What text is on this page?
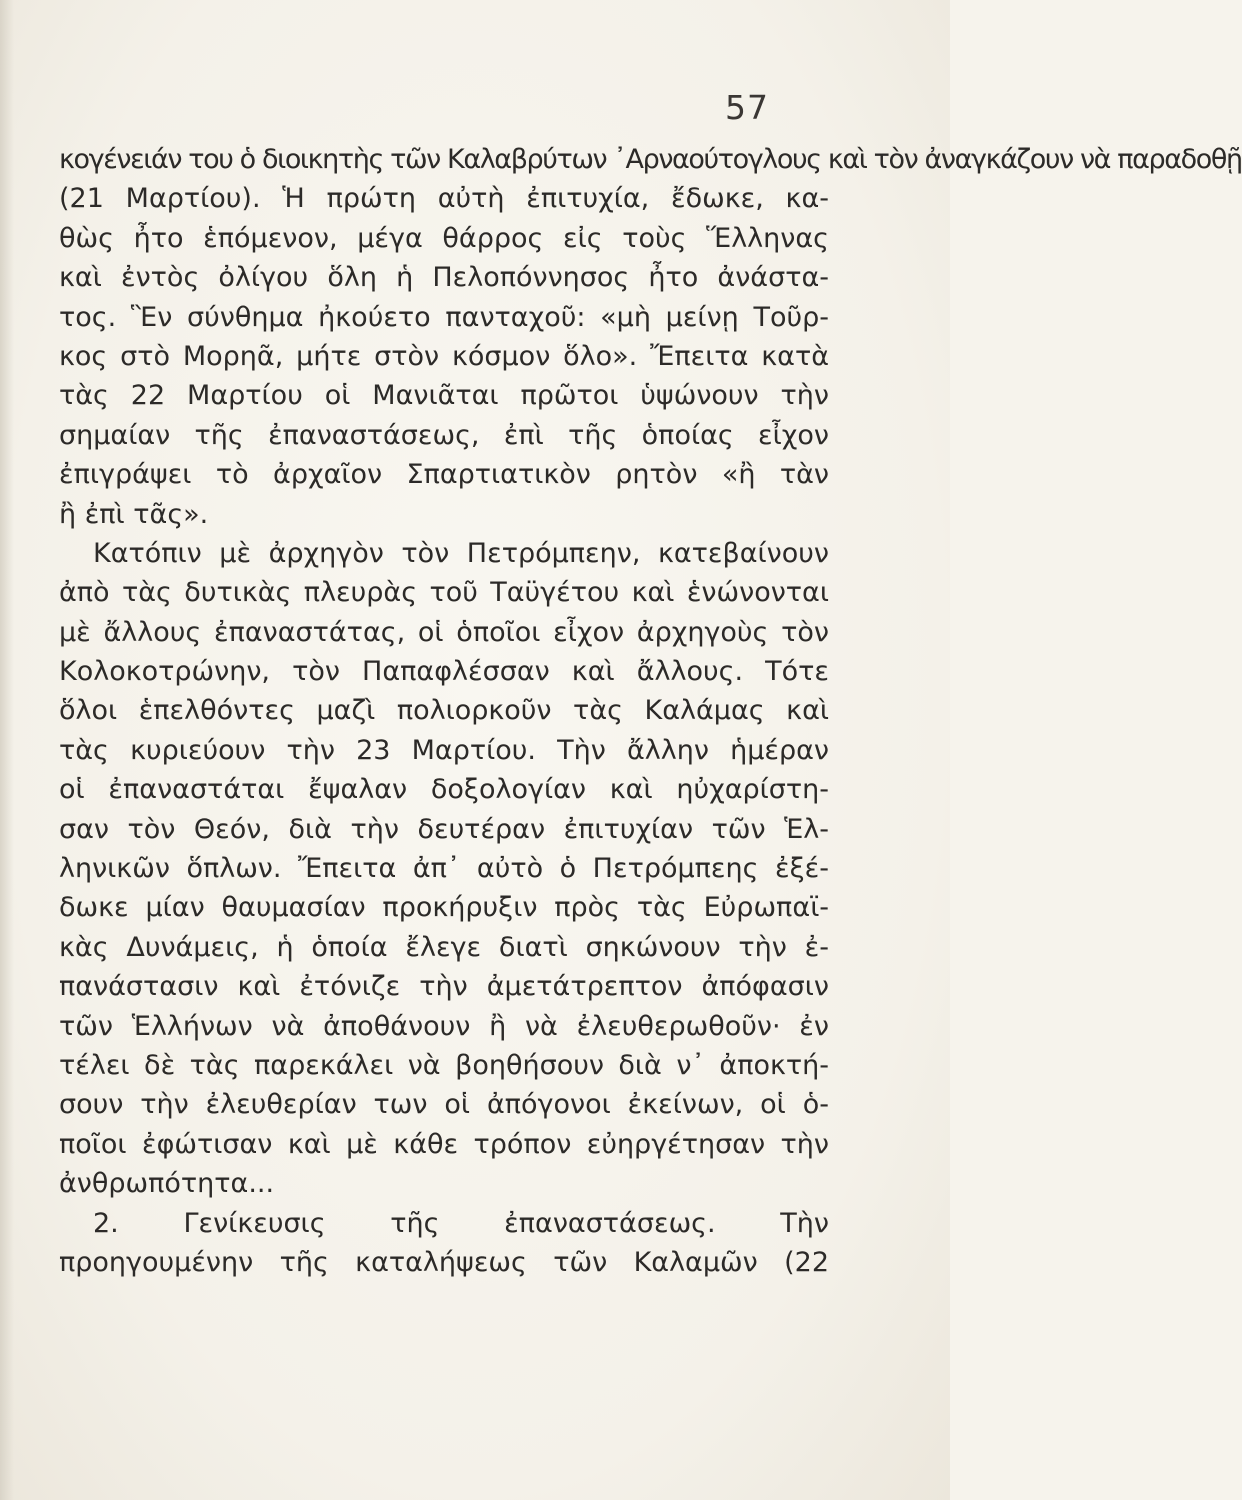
57
κογένειάν του ὁ διοικητὴς τῶν Καλαβρύτων ᾿Αρναούτογλους καὶ τὸν ἀναγκάζουν νὰ παραδοθῇ
(21 Μαρτίου). Ἡ πρώτη αὐτὴ ἐπιτυχία, ἔδωκε, κα-
θὼς ἦτο ἑπόμενον, μέγα θάρρος εἰς τοὺς Ἕλληνας
καὶ ἐντὸς ὀλίγου ὅλη ἡ Πελοπόννησος ἦτο ἀνάστα-
τος. Ἓν σύνθημα ἠκούετο πανταχοῦ: «μὴ μείνῃ Τοῦρ-
κος στὸ Μορηᾶ, μήτε στὸν κόσμον ὅλο». Ἔπειτα κατὰ
τὰς 22 Μαρτίου οἱ Μανιᾶται πρῶτοι ὑψώνουν τὴν
σημαίαν τῆς ἐπαναστάσεως, ἐπὶ τῆς ὁποίας εἶχον
ἐπιγράψει τὸ ἀρχαῖον Σπαρτιατικὸν ρητὸν «ἢ τὰν
ἢ ἐπὶ τᾶς».
Κατόπιν μὲ ἀρχηγὸν τὸν Πετρόμπεην, κατεβαίνουν
ἀπὸ τὰς δυτικὰς πλευρὰς τοῦ Ταϋγέτου καὶ ἑνώνονται
μὲ ἄλλους ἐπαναστάτας, οἱ ὁποῖοι εἶχον ἀρχηγοὺς τὸν
Κολοκοτρώνην, τὸν Παπαφλέσσαν καὶ ἄλλους. Τότε
ὅλοι ἑπελθόντες μαζὶ πολιορκοῦν τὰς Καλάμας καὶ
τὰς κυριεύουν τὴν 23 Μαρτίου. Τὴν ἄλλην ἡμέραν
οἱ ἐπαναστάται ἔψαλαν δοξολογίαν καὶ ηὐχαρίστη-
σαν τὸν Θεόν, διὰ τὴν δευτέραν ἐπιτυχίαν τῶν Ἑλ-
ληνικῶν ὅπλων. Ἔπειτα ἀπ᾿ αὐτὸ ὁ Πετρόμπεης ἐξέ-
δωκε μίαν θαυμασίαν προκήρυξιν πρὸς τὰς Εὐρωπαϊ-
κὰς Δυνάμεις, ἡ ὁποία ἔλεγε διατὶ σηκώνουν τὴν ἐ-
πανάστασιν καὶ ἐτόνιζε τὴν ἀμετάτρεπτον ἀπόφασιν
τῶν Ἑλλήνων νὰ ἀποθάνουν ἢ νὰ ἐλευθερωθοῦν· ἐν
τέλει δὲ τὰς παρεκάλει νὰ βοηθήσουν διὰ ν᾿ ἀποκτή-
σουν τὴν ἐλευθερίαν των οἱ ἀπόγονοι ἐκείνων, οἱ ὁ-
ποῖοι ἐφώτισαν καὶ μὲ κάθε τρόπον εὐηργέτησαν τὴν
ἀνθρωπότητα...
2. Γενίκευσις τῆς ἐπαναστάσεως. Τὴν
προηγουμένην τῆς καταλήψεως τῶν Καλαμῶν (22
